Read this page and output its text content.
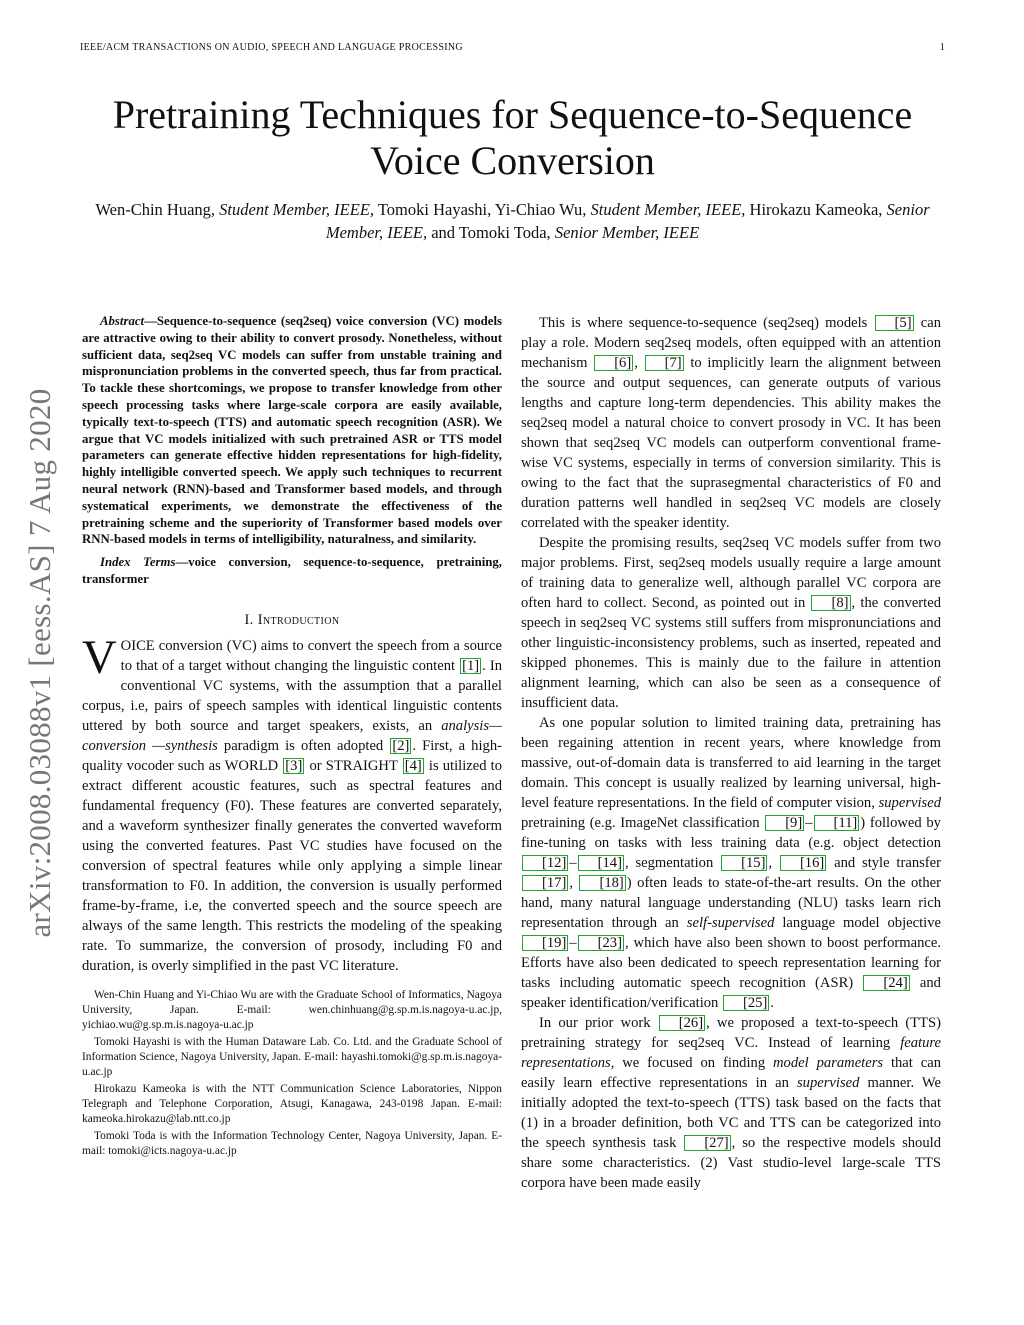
IEEE/ACM TRANSACTIONS ON AUDIO, SPEECH AND LANGUAGE PROCESSING	1
arXiv:2008.03088v1 [eess.AS] 7 Aug 2020
Pretraining Techniques for Sequence-to-Sequence
Voice Conversion
Wen-Chin Huang, Student Member, IEEE, Tomoki Hayashi, Yi-Chiao Wu, Student Member, IEEE, Hirokazu Kameoka, Senior Member, IEEE, and Tomoki Toda, Senior Member, IEEE

Abstract—Sequence-to-sequence (seq2seq) voice conversion (VC) models are attractive owing to their ability to convert prosody. Nonetheless, without sufficient data, seq2seq VC models can suffer from unstable training and mispronunciation problems in the converted speech, thus far from practical. To tackle these shortcomings, we propose to transfer knowledge from other speech processing tasks where large-scale corpora are easily available, typically text-to-speech (TTS) and automatic speech recognition (ASR). We argue that VC models initialized with such pretrained ASR or TTS model parameters can generate effective hidden representations for high-fidelity, highly intelligible converted speech. We apply such techniques to recurrent neural network (RNN)-based and Transformer based models, and through systematical experiments, we demonstrate the effectiveness of the pretraining scheme and the superiority of Transformer based models over RNN-based models in terms of intelligibility, naturalness, and similarity.

Index Terms—voice conversion, sequence-to-sequence, pretraining, transformer

I. Introduction

VOICE conversion (VC) aims to convert the speech from a source to that of a target without changing the linguistic content [1] . In conventional VC systems, with the assumption that a parallel corpus, i.e, pairs of speech samples with identical linguistic contents uttered by both source and target speakers, exists, an analysis—conversion —synthesis paradigm is often adopted [2] . First, a high-quality vocoder such as WORLD [3] or STRAIGHT [4] is utilized to extract different acoustic features, such as spectral features and fundamental frequency (F0). These features are converted separately, and a waveform synthesizer finally generates the converted waveform using the converted features. Past VC studies have focused on the conversion of spectral features while only applying a simple linear transformation to F0. In addition, the conversion is usually performed frame-by-frame, i.e, the converted speech and the source speech are always of the same length. This restricts the modeling of the speaking rate. To summarize, the conversion of prosody, including F0 and duration, is overly simplified in the past VC literature.

Wen-Chin Huang and Yi-Chiao Wu are with the Graduate School of Informatics, Nagoya University, Japan. E-mail: wen.chinhuang@g.sp.m.is.nagoya-u.ac.jp, yichiao.wu@g.sp.m.is.nagoya-u.ac.jp

Tomoki Hayashi is with the Human Dataware Lab. Co. Ltd. and the Graduate School of Information Science, Nagoya University, Japan. E-mail: hayashi.tomoki@g.sp.m.is.nagoya-u.ac.jp

Hirokazu Kameoka is with the NTT Communication Science Laboratories, Nippon Telegraph and Telephone Corporation, Atsugi, Kanagawa, 243-0198 Japan. E-mail: kameoka.hirokazu@lab.ntt.co.jp

Tomoki Toda is with the Information Technology Center, Nagoya University, Japan. E-mail: tomoki@icts.nagoya-u.ac.jp

This is where sequence-to-sequence (seq2seq) models [5] can play a role. Modern seq2seq models, often equipped with an attention mechanism [6] , [7] to implicitly learn the alignment between the source and output sequences, can generate outputs of various lengths and capture long-term dependencies. This ability makes the seq2seq model a natural choice to convert prosody in VC. It has been shown that seq2seq VC models can outperform conventional frame-wise VC systems, especially in terms of conversion similarity. This is owing to the fact that the suprasegmental characteristics of F0 and duration patterns well handled in seq2seq VC models are closely correlated with the speaker identity.

Despite the promising results, seq2seq VC models suffer from two major problems. First, seq2seq models usually require a large amount of training data to generalize well, although parallel VC corpora are often hard to collect. Second, as pointed out in [8] , the converted speech in seq2seq VC systems still suffers from mispronunciations and other linguistic-inconsistency problems, such as inserted, repeated and skipped phonemes. This is mainly due to the failure in attention alignment learning, which can also be seen as a consequence of insufficient data.

As one popular solution to limited training data, pretraining has been regaining attention in recent years, where knowledge from massive, out-of-domain data is transferred to aid learning in the target domain. This concept is usually realized by learning universal, high-level feature representations. In the field of computer vision, supervised pretraining (e.g. ImageNet classification [9] – [11] ) followed by fine-tuning on tasks with less training data (e.g. object detection [12] – [14] , segmentation [15] , [16] and style transfer [17] , [18] ) often leads to state-of-the-art results. On the other hand, many natural language understanding (NLU) tasks learn rich representation through an self-supervised language model objective [19] – [23] , which have also been shown to boost performance. Efforts have also been dedicated to speech representation learning for tasks including automatic speech recognition (ASR) [24] and speaker identification/verification [25] .

In our prior work [26] , we proposed a text-to-speech (TTS) pretraining strategy for seq2seq VC. Instead of learning feature representations, we focused on finding model parameters that can easily learn effective representations in an supervised manner. We initially adopted the text-to-speech (TTS) task based on the facts that (1) in a broader definition, both VC and TTS can be categorized into the speech synthesis task [27] , so the respective models should share some characteristics. (2) Vast studio-level large-scale TTS corpora have been made easily
